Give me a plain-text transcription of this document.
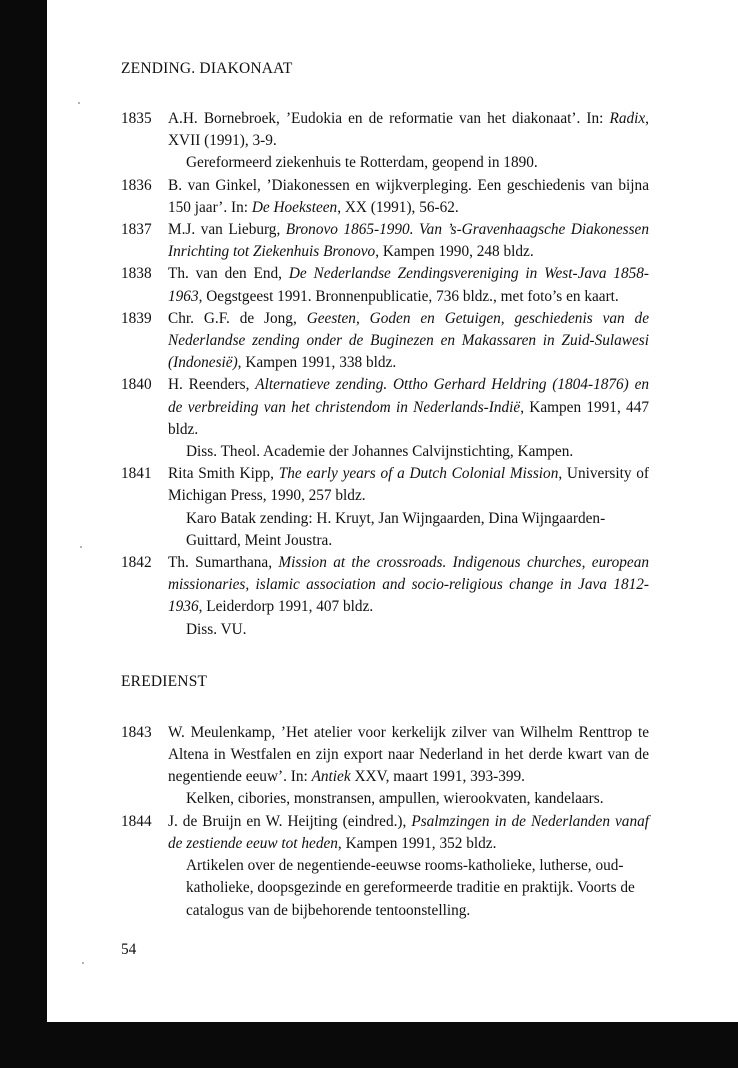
ZENDING. DIAKONAAT
1835	A.H. Bornebroek, ’Eudokia en de reformatie van het diakonaat’. In: Radix, XVII (1991), 3-9.

Gereformeerd ziekenhuis te Rotterdam, geopend in 1890.

1836	B. van Ginkel, ’Diakonessen en wijkverpleging. Een geschiedenis van bijna 150 jaar’. In: De Hoeksteen, XX (1991), 56-62.

1837	M.J. van Lieburg, Bronovo 1865-1990. Van ’s-Gravenhaagsche Diakonessen Inrichting tot Ziekenhuis Bronovo, Kampen 1990, 248 bldz.

1838	Th. van den End, De Nederlandse Zendingsvereniging in West-Java 1858-1963, Oegstgeest 1991. Bronnenpublicatie, 736 bldz., met foto’s en kaart.

1839	Chr. G.F. de Jong, Geesten, Goden en Getuigen, geschiedenis van de Nederlandse zending onder de Buginezen en Makassaren in Zuid-Sulawesi (Indonesië), Kampen 1991, 338 bldz.

1840	H. Reenders, Alternatieve zending. Ottho Gerhard Heldring (1804-1876) en de verbreiding van het christendom in Nederlands-Indië, Kampen 1991, 447 bldz.

Diss. Theol. Academie der Johannes Calvijnstichting, Kampen.

1841	Rita Smith Kipp, The early years of a Dutch Colonial Mission, University of Michigan Press, 1990, 257 bldz.

Karo Batak zending: H. Kruyt, Jan Wijngaarden, Dina Wijngaarden-Guittard, Meint Joustra.

1842	Th. Sumarthana, Mission at the crossroads. Indigenous churches, european missionaries, islamic association and socio-religious change in Java 1812-1936, Leiderdorp 1991, 407 bldz.

Diss. VU.

EREDIENST
1843	W. Meulenkamp, ’Het atelier voor kerkelijk zilver van Wilhelm Renttrop te Altena in Westfalen en zijn export naar Nederland in het derde kwart van de negentiende eeuw’. In: Antiek XXV, maart 1991, 393-399.

Kelken, cibories, monstransen, ampullen, wierookvaten, kandelaars.

1844	J. de Bruijn en W. Heijting (eindred.), Psalmzingen in de Nederlanden vanaf de zestiende eeuw tot heden, Kampen 1991, 352 bldz.

Artikelen over de negentiende-eeuwse rooms-katholieke, lutherse, oud-katholieke, doopsgezinde en gereformeerde traditie en praktijk. Voorts de catalogus van de bijbehorende tentoonstelling.

54
